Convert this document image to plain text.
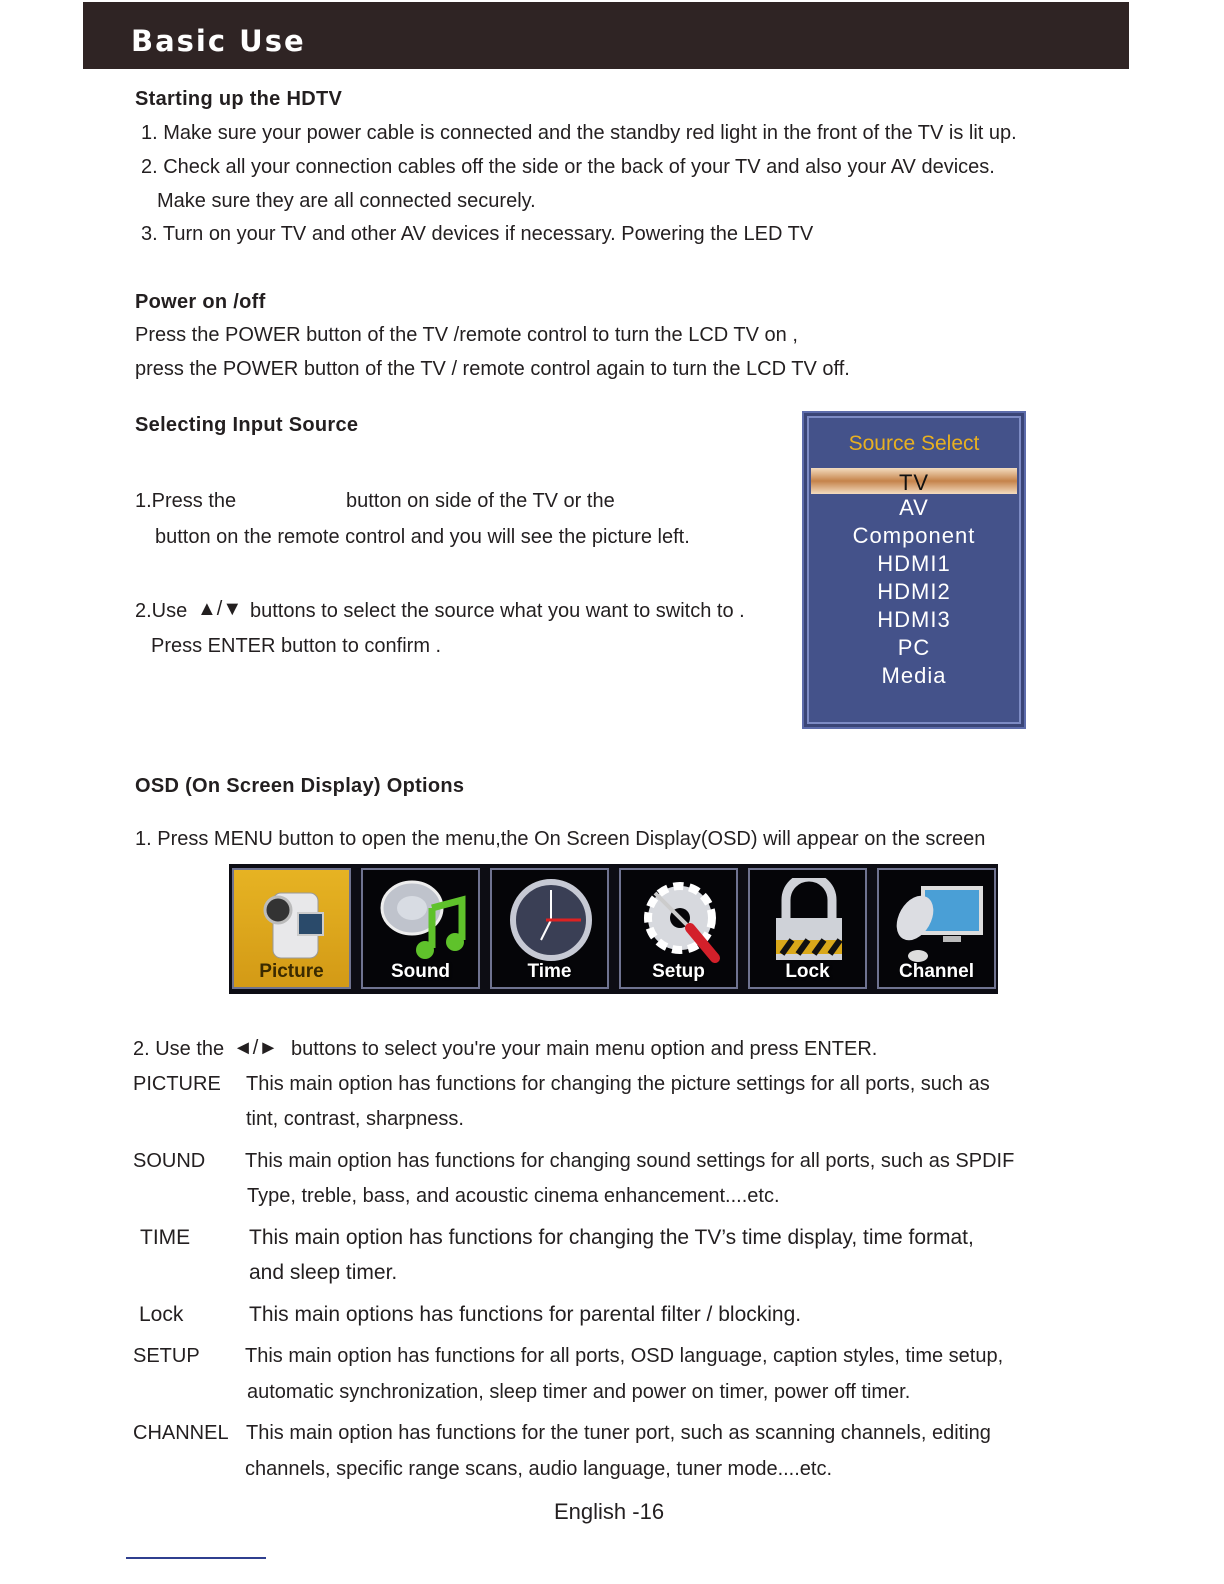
Basic Use
Starting up the HDTV
1. Make sure your power cable is connected and the standby red light in the front of the TV is lit up.
2. Check all your connection cables off the side or the back of your TV and also your AV devices.
Make sure they are all connected securely.
3. Turn on your TV and other AV devices if necessary. Powering the LED TV
Power on /off
Press the POWER button of the TV /remote control to turn the LCD TV on ,
press the POWER button of the TV / remote control again to turn the LCD TV off.
Selecting Input Source
1.Press the	button on side of the TV or the
button on the remote control and you will see the picture left.
2.Use ▲/▼ buttons to select the source what you want to switch to .
Press ENTER button to confirm .
Source Select
TV
AV
Component
HDMI1
HDMI2
HDMI3
PC
Media
OSD (On Screen Display) Options
1. Press MENU button to open the menu,the On Screen Display(OSD) will appear on the screen
Picture	Sound	Time	Setup	Lock	Channel
2. Use the ◄/► buttons to select you're your main menu option and press ENTER.
PICTURE This main option has functions for changing the picture settings for all ports, such as
tint, contrast, sharpness.
SOUND This main option has functions for changing sound settings for all ports, such as SPDIF
Type, treble, bass, and acoustic cinema enhancement....etc.
TIME	This main option has functions for changing the TV’s time display, time format,
and sleep timer.
Lock	This main options has functions for parental filter / blocking.
SETUP This main option has functions for all ports, OSD language, caption styles, time setup,
automatic synchronization, sleep timer and power on timer, power off timer.
CHANNEL This main option has functions for the tuner port, such as scanning channels, editing
channels, specific range scans, audio language, tuner mode....etc.
English -16
